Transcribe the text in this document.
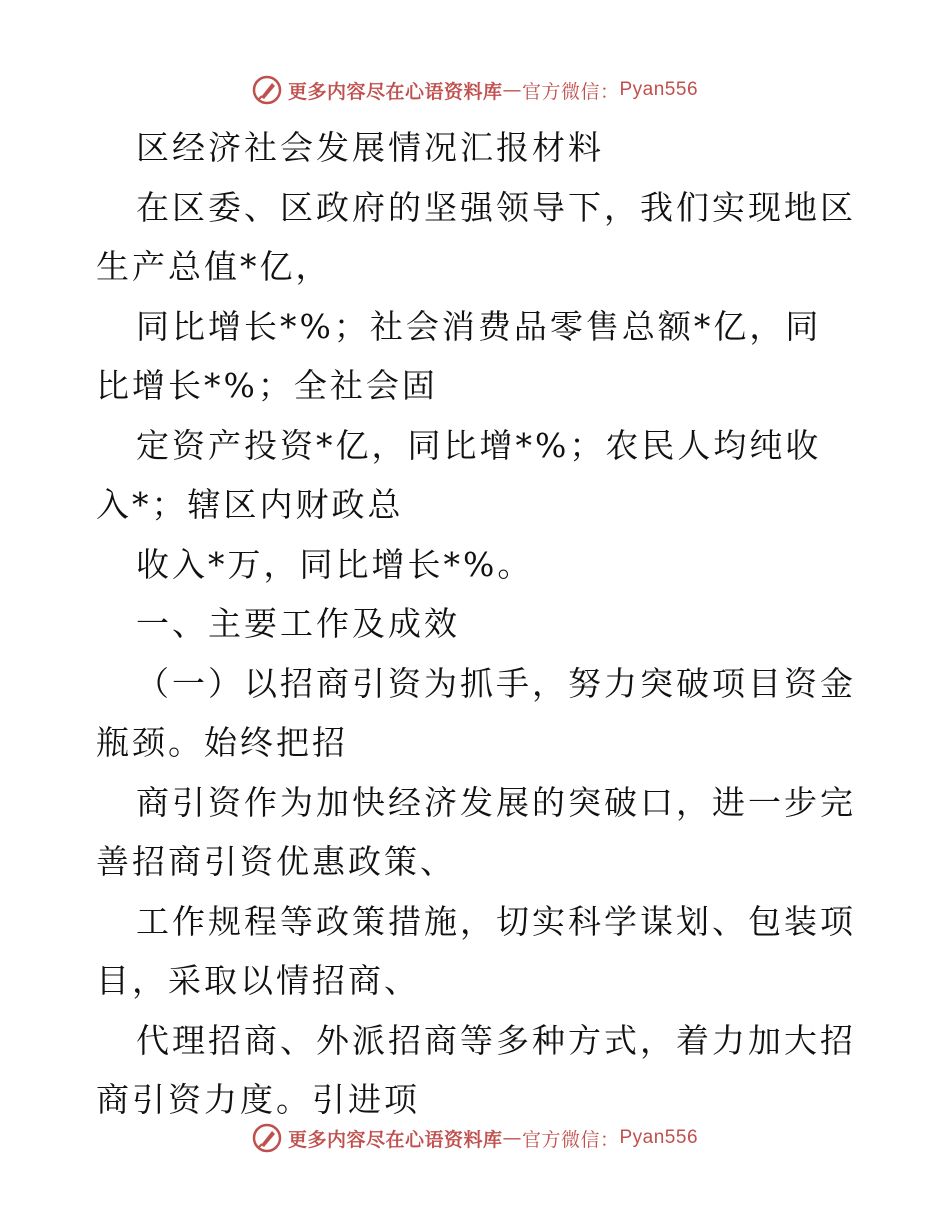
更多内容尽在心语资料库 — 官方微信： Pyan556

区经济社会发展情况汇报材料

在区委、区政府的坚强领导下，我们实现地区生产总值*亿，

同比增长*%；社会消费品零售总额*亿，同比增长*%；全社会固

定资产投资*亿，同比增*%；农民人均纯收入*；辖区内财政总

收入*万，同比增长*%。

一、主要工作及成效

（一）以招商引资为抓手，努力突破项目资金瓶颈。始终把招

商引资作为加快经济发展的突破口，进一步完善招商引资优惠政策、

工作规程等政策措施，切实科学谋划、包装项目，采取以情招商、

代理招商、外派招商等多种方式，着力加大招商引资力度。引进项

更多内容尽在心语资料库 — 官方微信： Pyan556
